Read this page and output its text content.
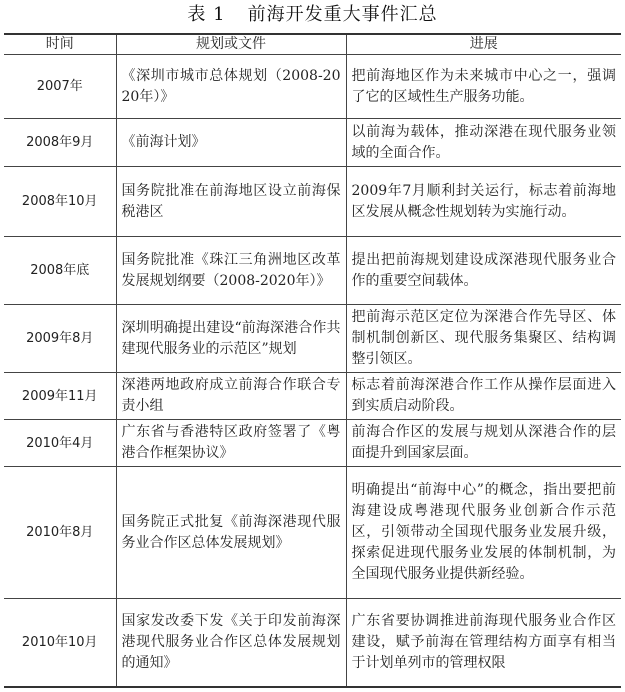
表 1 前海开发重大事件汇总
时间	规划或文件	进展
2007年	《深圳市城市总体规划（2008-2020年）》	把前海地区作为未来城市中心之一，强调了它的区域性生产服务功能。
2008年9月	《前海计划》	以前海为载体，推动深港在现代服务业领域的全面合作。
2008年10月	国务院批准在前海地区设立前海保税港区	2009年7月顺利封关运行，标志着前海地区发展从概念性规划转为实施行动。
2008年底	国务院批准《珠江三角洲地区改革发展规划纲要（2008-2020年）》	提出把前海规划建设成深港现代服务业合作的重要空间载体。
2009年8月	深圳明确提出建设“前海深港合作共建现代服务业的示范区”规划	把前海示范区定位为深港合作先导区、体制机制创新区、现代服务集聚区、结构调整引领区。
2009年11月	深港两地政府成立前海合作联合专责小组	标志着前海深港合作工作从操作层面进入到实质启动阶段。
2010年4月	广东省与香港特区政府签署了《粤港合作框架协议》	前海合作区的发展与规划从深港合作的层面提升到国家层面。
2010年8月	国务院正式批复《前海深港现代服务业合作区总体发展规划》	明确提出“前海中心”的概念，指出要把前海建设成粤港现代服务业创新合作示范区，引领带动全国现代服务业发展升级，探索促进现代服务业发展的体制机制，为全国现代服务业提供新经验。
2010年10月	国家发改委下发《关于印发前海深港现代服务业合作区总体发展规划的通知》	广东省要协调推进前海现代服务业合作区建设，赋予前海在管理结构方面享有相当于计划单列市的管理权限
